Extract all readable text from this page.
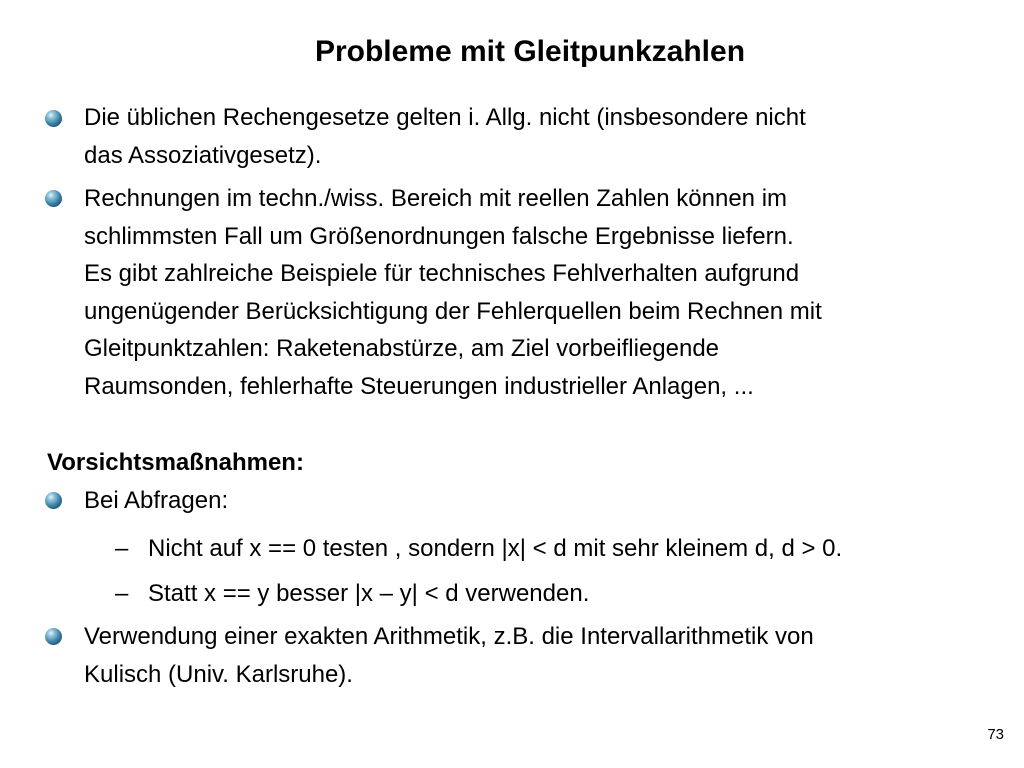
Probleme mit Gleitpunkzahlen
Die üblichen Rechengesetze gelten i. Allg. nicht (insbesondere nicht
das Assoziativgesetz).
Rechnungen im techn./wiss. Bereich mit reellen Zahlen können im
schlimmsten Fall um Größenordnungen falsche Ergebnisse liefern.
Es gibt zahlreiche Beispiele für technisches Fehlverhalten aufgrund
ungenügender Berücksichtigung der Fehlerquellen beim Rechnen mit
Gleitpunktzahlen: Raketenabstürze, am Ziel vorbeifliegende
Raumsonden, fehlerhafte Steuerungen industrieller Anlagen, ...
Vorsichtsmaßnahmen:
Bei Abfragen:
– Nicht auf x == 0 testen , sondern |x| < d mit sehr kleinem d, d > 0.
– Statt x == y besser |x – y| < d verwenden.
Verwendung einer exakten Arithmetik, z.B. die Intervallarithmetik von
Kulisch (Univ. Karlsruhe).
73
